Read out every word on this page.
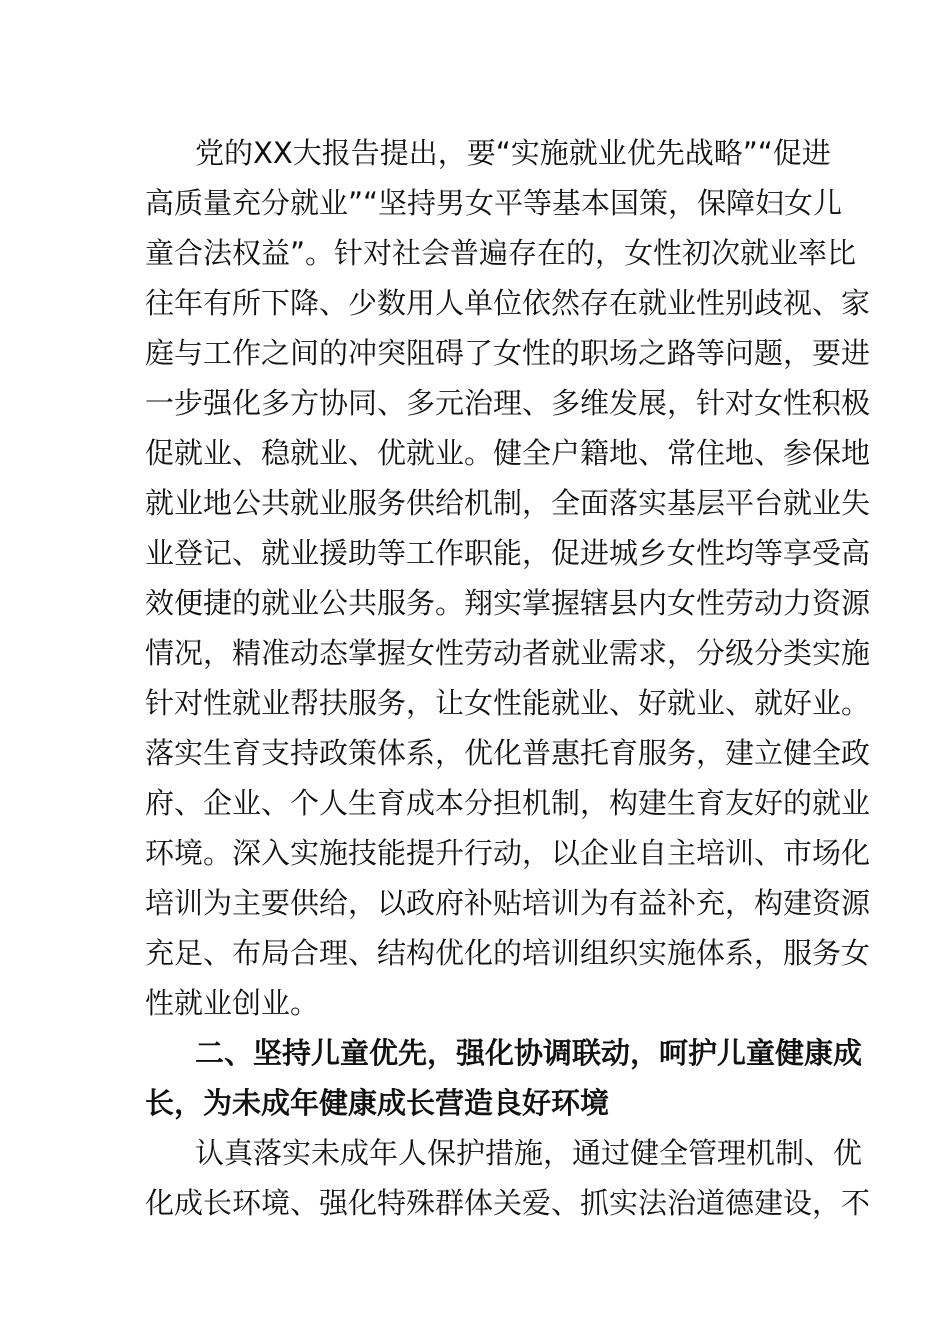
党的XX大报告提出，要“实施就业优先战略”“促进
高质量充分就业”“坚持男女平等基本国策，保障妇女儿
童合法权益”。针对社会普遍存在的，女性初次就业率比
往年有所下降、少数用人单位依然存在就业性别歧视、家
庭与工作之间的冲突阻碍了女性的职场之路等问题，要进
一步强化多方协同、多元治理、多维发展，针对女性积极
促就业、稳就业、优就业。健全户籍地、常住地、参保地
就业地公共就业服务供给机制，全面落实基层平台就业失
业登记、就业援助等工作职能，促进城乡女性均等享受高
效便捷的就业公共服务。翔实掌握辖县内女性劳动力资源
情况，精准动态掌握女性劳动者就业需求，分级分类实施
针对性就业帮扶服务，让女性能就业、好就业、就好业。
落实生育支持政策体系，优化普惠托育服务，建立健全政
府、企业、个人生育成本分担机制，构建生育友好的就业
环境。深入实施技能提升行动，以企业自主培训、市场化
培训为主要供给，以政府补贴培训为有益补充，构建资源
充足、布局合理、结构优化的培训组织实施体系，服务女
性就业创业。
二、坚持儿童优先，强化协调联动，呵护儿童健康成
长，为未成年健康成长营造良好环境
认真落实未成年人保护措施，通过健全管理机制、优
化成长环境、强化特殊群体关爱、抓实法治道德建设，不
